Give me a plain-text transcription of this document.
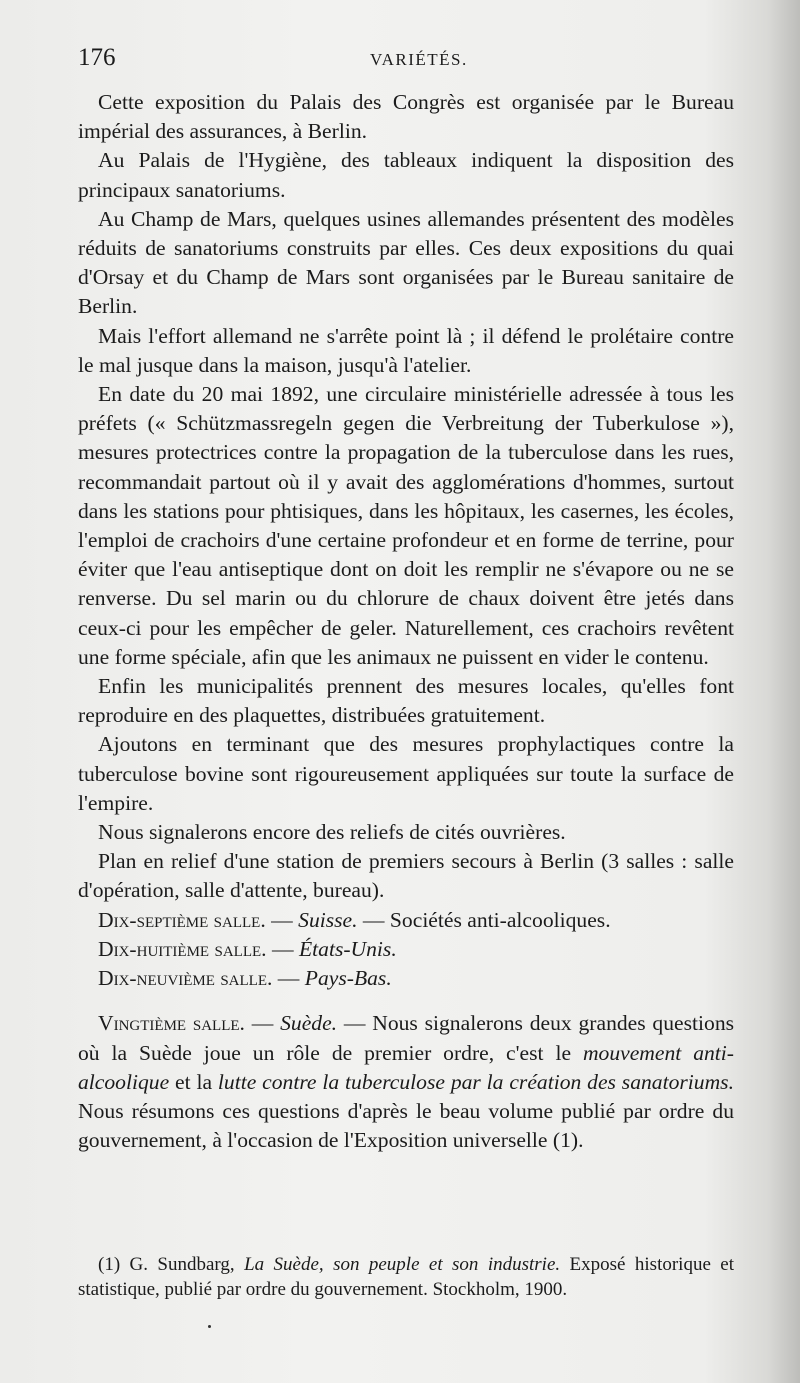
176	VARIÉTÉS.

Cette exposition du Palais des Congrès est organisée par le Bureau impérial des assurances, à Berlin.

Au Palais de l'Hygiène, des tableaux indiquent la disposition des principaux sanatoriums.

Au Champ de Mars, quelques usines allemandes présentent des modèles réduits de sanatoriums construits par elles. Ces deux expositions du quai d'Orsay et du Champ de Mars sont organisées par le Bureau sanitaire de Berlin.

Mais l'effort allemand ne s'arrête point là ; il défend le prolétaire contre le mal jusque dans la maison, jusqu'à l'atelier.

En date du 20 mai 1892, une circulaire ministérielle adressée à tous les préfets (« Schützmassregeln gegen die Verbreitung der Tuberkulose »), mesures protectrices contre la propagation de la tuberculose dans les rues, recommandait partout où il y avait des agglomérations d'hommes, surtout dans les stations pour phtisiques, dans les hôpitaux, les casernes, les écoles, l'emploi de crachoirs d'une certaine profondeur et en forme de terrine, pour éviter que l'eau antiseptique dont on doit les remplir ne s'évapore ou ne se renverse. Du sel marin ou du chlorure de chaux doivent être jetés dans ceux-ci pour les empêcher de geler. Naturellement, ces crachoirs revêtent une forme spéciale, afin que les animaux ne puissent en vider le contenu.

Enfin les municipalités prennent des mesures locales, qu'elles font reproduire en des plaquettes, distribuées gratuitement.

Ajoutons en terminant que des mesures prophylactiques contre la tuberculose bovine sont rigoureusement appliquées sur toute la surface de l'empire.

Nous signalerons encore des reliefs de cités ouvrières.

Plan en relief d'une station de premiers secours à Berlin (3 salles : salle d'opération, salle d'attente, bureau).

Dix-septième salle. — Suisse. — Sociétés anti-alcooliques.

Dix-huitième salle. — États-Unis.

Dix-neuvième salle. — Pays-Bas.

Vingtième salle. — Suède. — Nous signalerons deux grandes questions où la Suède joue un rôle de premier ordre, c'est le mouvement anti-alcoolique et la lutte contre la tuberculose par la création des sanatoriums. Nous résumons ces questions d'après le beau volume publié par ordre du gouvernement, à l'occasion de l'Exposition universelle (1).

(1) G. Sundbarg, La Suède, son peuple et son industrie. Exposé historique et statistique, publié par ordre du gouvernement. Stockholm, 1900.
